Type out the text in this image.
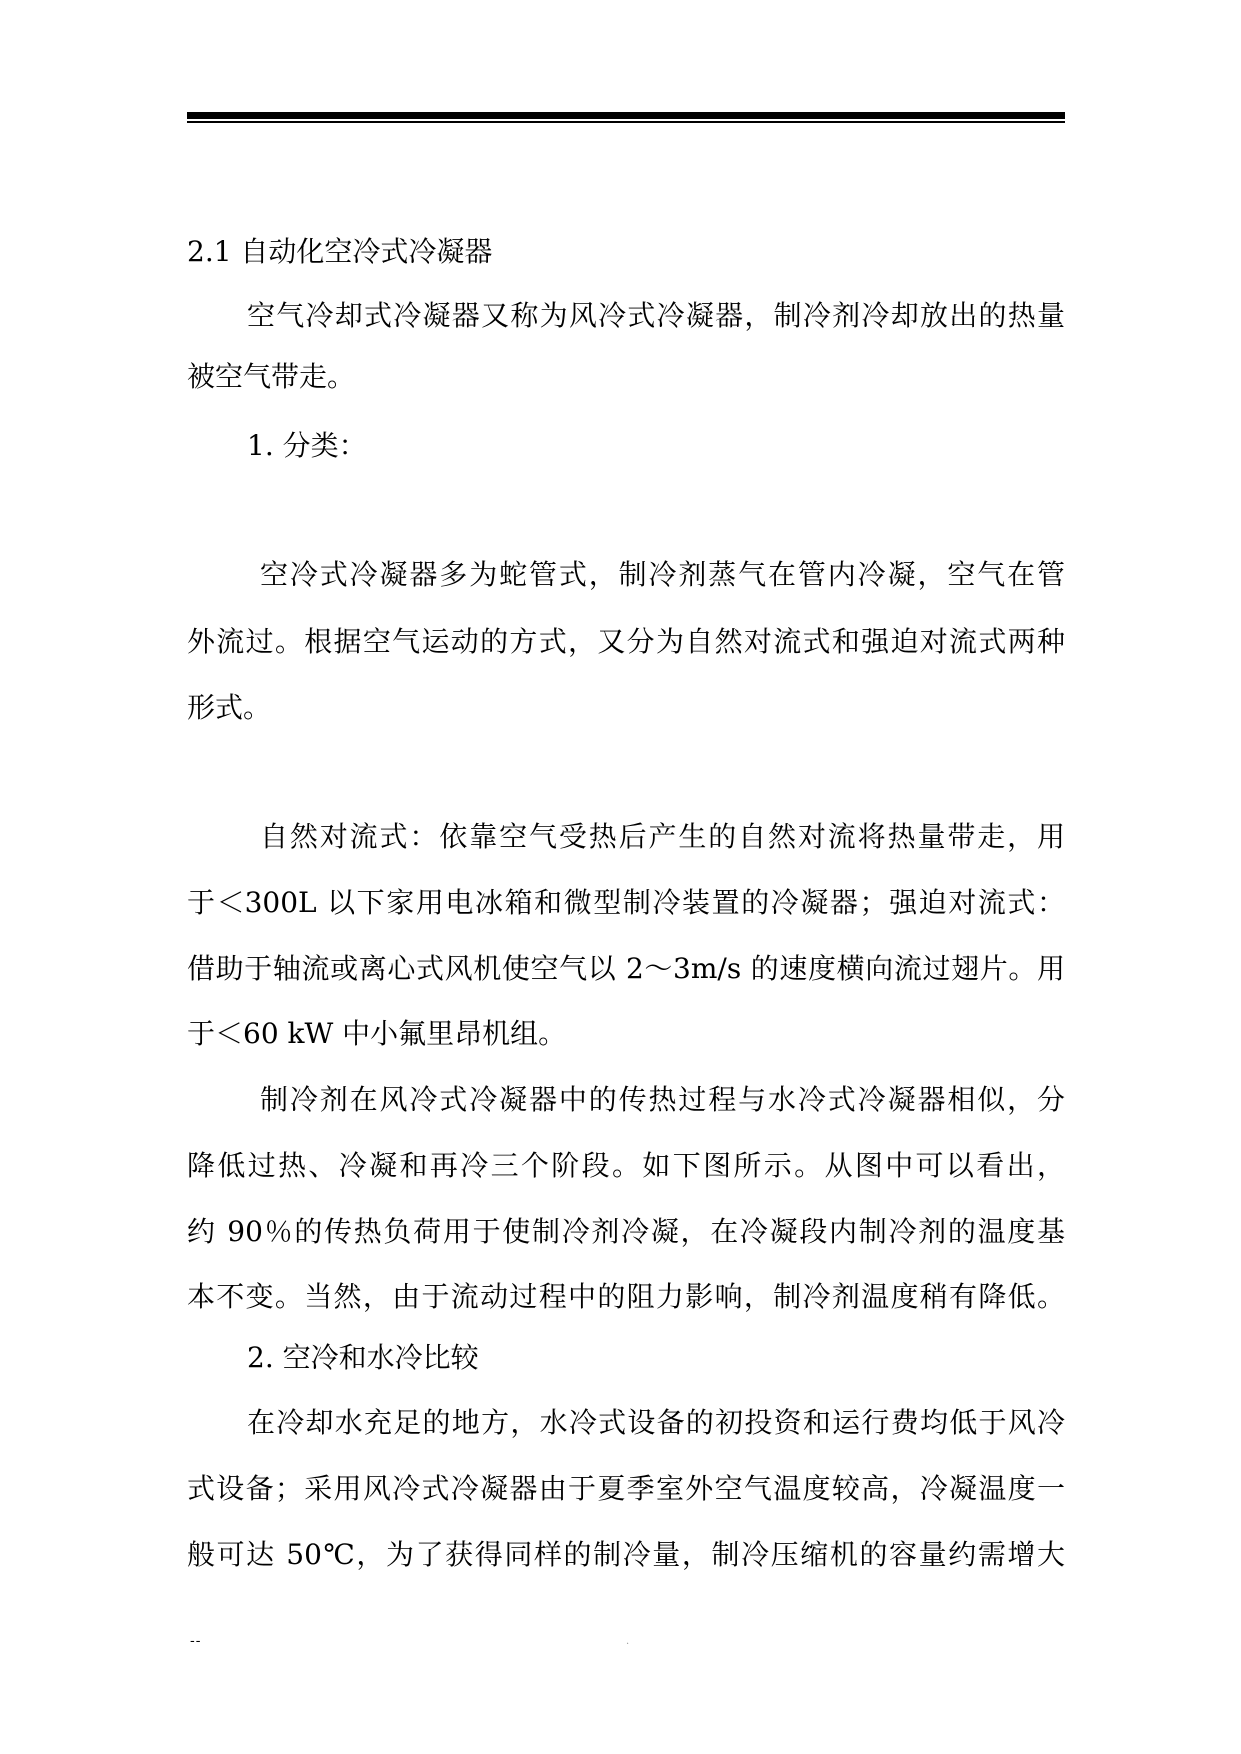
2.1 自动化空冷式冷凝器
空气冷却式冷凝器又称为风冷式冷凝器，制冷剂冷却放出的热量
被空气带走。
1. 分类：
空冷式冷凝器多为蛇管式，制冷剂蒸气在管内冷凝，空气在管
外流过。根据空气运动的方式，又分为自然对流式和强迫对流式两种
形式。
自然对流式：依靠空气受热后产生的自然对流将热量带走，用
于＜300L 以下家用电冰箱和微型制冷装置的冷凝器；强迫对流式：
借助于轴流或离心式风机使空气以 2～3m/s 的速度横向流过翅片。用
于＜60 kW 中小氟里昂机组。
制冷剂在风冷式冷凝器中的传热过程与水冷式冷凝器相似，分
降低过热、冷凝和再冷三个阶段。如下图所示。从图中可以看出，
约 90％的传热负荷用于使制冷剂冷凝，在冷凝段内制冷剂的温度基
本不变。当然，由于流动过程中的阻力影响，制冷剂温度稍有降低。
2. 空冷和水冷比较
在冷却水充足的地方，水冷式设备的初投资和运行费均低于风冷
式设备；采用风冷式冷凝器由于夏季室外空气温度较高，冷凝温度一
般可达 50℃，为了获得同样的制冷量，制冷压缩机的容量约需增大
--	.
